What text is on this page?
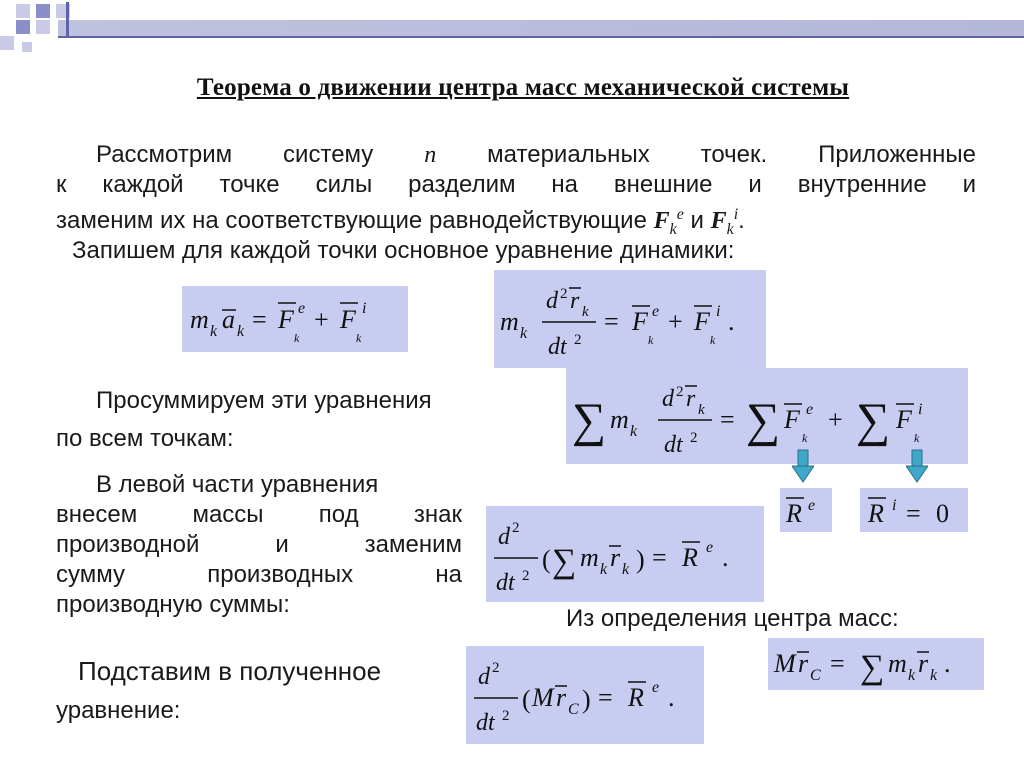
Теорема о движении центра масс механической системы
Рассмотрим систему n материальных точек. Приложенные
к каждой точке силы разделим на внешние и внутренние и
заменим их на соответствующие равнодействующие $F_k^e$ и $F_k^i$.
Запишем для каждой точки основное уравнение динамики:
m k a k = F e
k
+ F i
k
m k
d 2 r k
dt 2
= F e
k
+ F i
k
.
Просуммируем эти уравнения
по всем точкам:	∑ m k
d 2 r k
dt 2
= ∑ F e
k
+ ∑ F i
k
R e R i = 0
В левой части уравнения
внесем массы под знак
производной и заменим
сумму производных на
производную суммы:
d 2
dt 2
( ∑ m k r k ) = R e .
Из определения центра масс:
M r C = ∑ m k r k .
Подставим в полученное
уравнение:
d 2
dt 2
( M r C ) = R e .
